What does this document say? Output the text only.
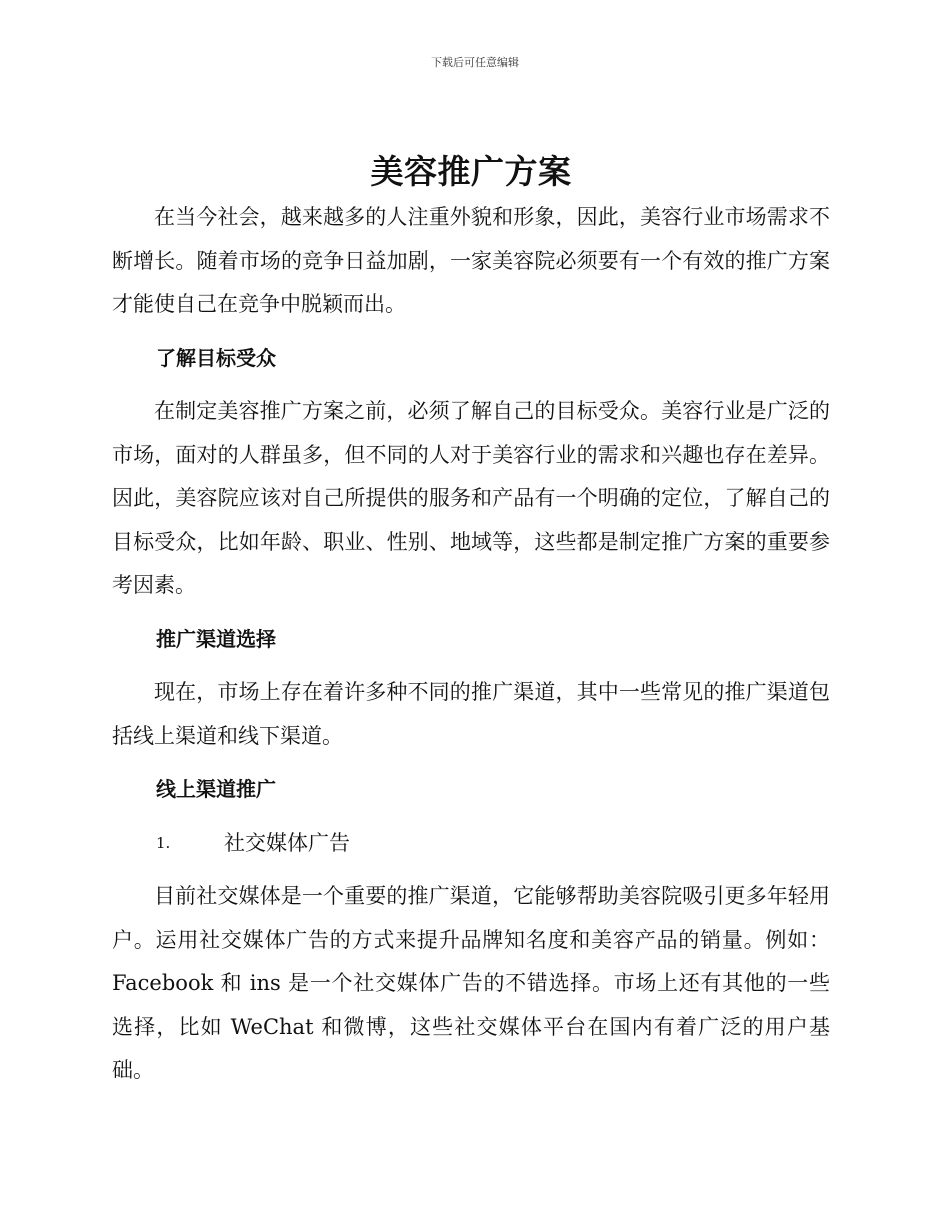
下载后可任意编辑
美容推广方案

在当今社会，越来越多的人注重外貌和形象，因此，美容行业市场需求不断增长。随着市场的竞争日益加剧，一家美容院必须要有一个有效的推广方案才能使自己在竞争中脱颖而出。

了解目标受众

在制定美容推广方案之前，必须了解自己的目标受众。美容行业是广泛的市场，面对的人群虽多，但不同的人对于美容行业的需求和兴趣也存在差异。因此，美容院应该对自己所提供的服务和产品有一个明确的定位，了解自己的目标受众，比如年龄、职业、性别、地域等，这些都是制定推广方案的重要参考因素。

推广渠道选择

现在，市场上存在着许多种不同的推广渠道，其中一些常见的推广渠道包括线上渠道和线下渠道。

线上渠道推广
1.	社交媒体广告

目前社交媒体是一个重要的推广渠道，它能够帮助美容院吸引更多年轻用户。运用社交媒体广告的方式来提升品牌知名度和美容产品的销量。例如：Facebook 和 ins 是一个社交媒体广告的不错选择。市场上还有其他的一些选择，比如 WeChat 和微博，这些社交媒体平台在国内有着广泛的用户基础。
